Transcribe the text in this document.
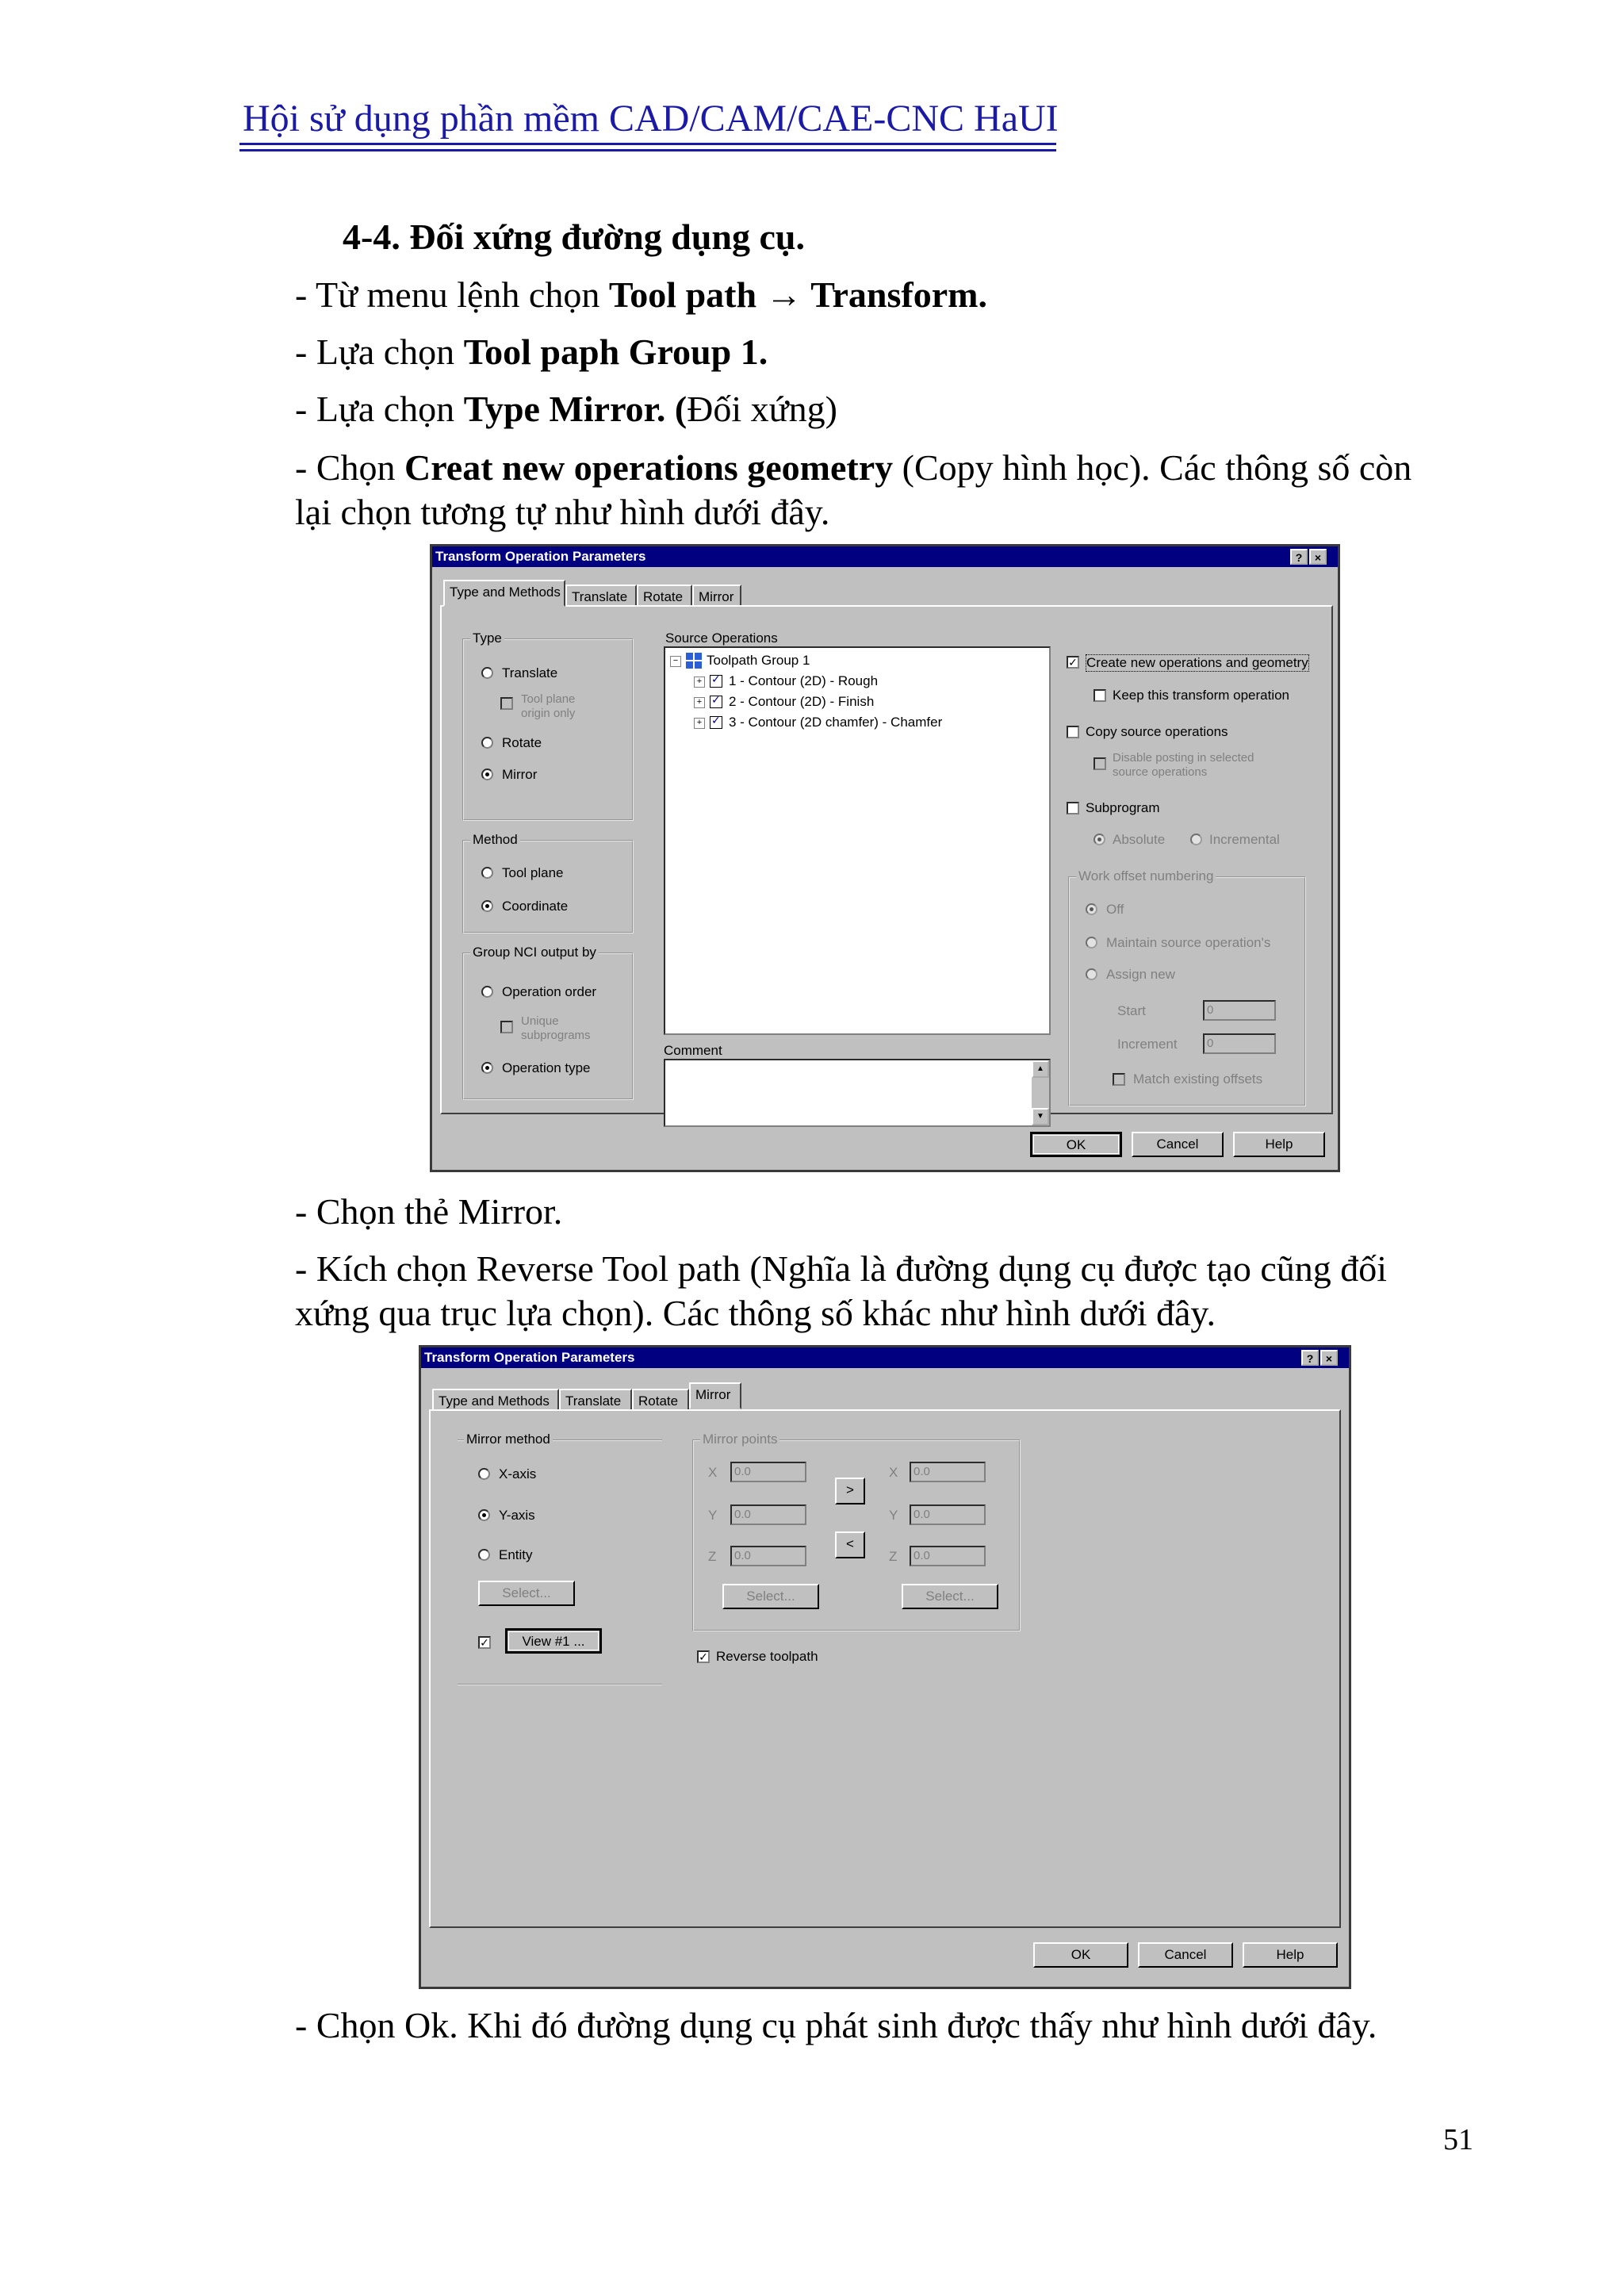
Hội sử dụng phần mềm CAD/CAM/CAE-CNC HaUI
4-4. Đối xứng đường dụng cụ.
- Từ menu lệnh chọn Tool path → Transform.
- Lựa chọn Tool paph Group 1.
- Lựa chọn Type Mirror. (Đối xứng)
- Chọn Creat new operations geometry (Copy hình học). Các thông số còn
lại chọn tương tự như hình dưới đây.
Transform Operation Parameters	?	×
Type and Methods Translate	Rotate	Mirror
Type
Translate
Tool plane origin only
Rotate
Mirror
Method
Tool plane
Coordinate
Group NCI output by
Operation order
Unique subprograms
Operation type
Source Operations
− Toolpath Group 1
+ ✓ 1 - Contour (2D) - Rough
+ ✓ 2 - Contour (2D) - Finish
+ ✓ 3 - Contour (2D chamfer) - Chamfer
Comment
▲
▼
✓ Create new operations and geometry
Keep this transform operation
Copy source operations
Disable posting in selected source operations
Subprogram
Absolute	Incremental
Work offset numbering
Off
Maintain source operation's
Assign new
Start	0
Increment	0
Match existing offsets
OK	Cancel	Help
- Chọn thẻ Mirror.
- Kích chọn Reverse Tool path (Nghĩa là đường dụng cụ được tạo cũng đối
xứng qua trục lựa chọn). Các thông số khác như hình dưới đây.
Transform Operation Parameters	?	×
Type and Methods	Translate	Rotate	Mirror
Mirror method
X-axis
Y-axis
Entity
Select...
✓	View #1 ...
Mirror points
X	0.0
Y	0.0
Z	0.0
>
<
X	0.0
Y	0.0
Z	0.0
Select...	Select...
✓ Reverse toolpath
OK	Cancel	Help
- Chọn Ok. Khi đó đường dụng cụ phát sinh được thấy như hình dưới đây.
51
